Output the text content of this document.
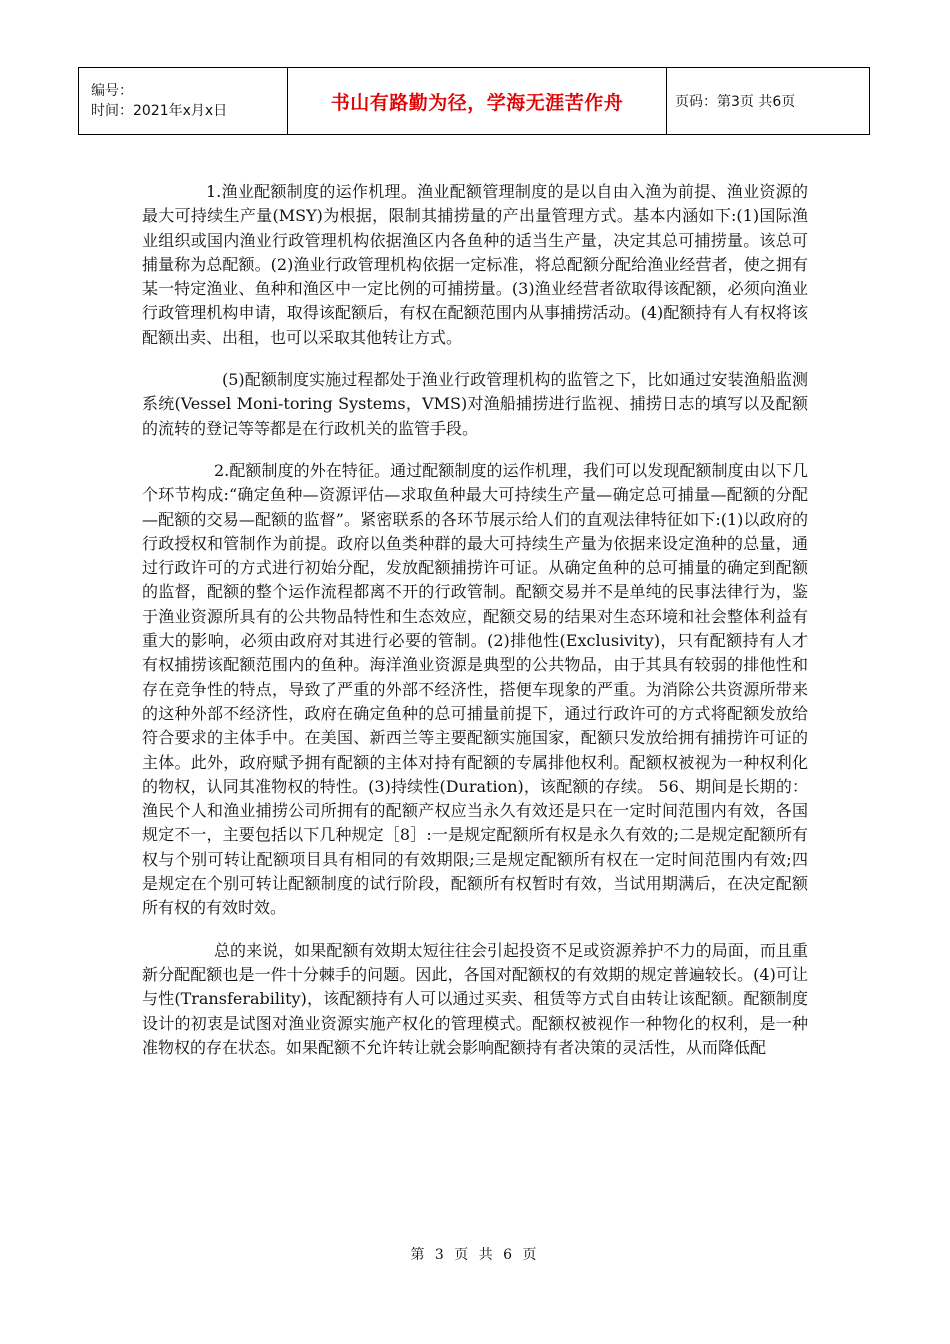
编号：
时间：2021年x月x日	书山有路勤为径，学海无涯苦作舟	页码：第3页 共6页

1.渔业配额制度的运作机理。渔业配额管理制度的是以自由入渔为前提、渔业资源的最大可持续生产量(MSY)为根据，限制其捕捞量的产出量管理方式。基本内涵如下:(1)国际渔业组织或国内渔业行政管理机构依据渔区内各鱼种的适当生产量，决定其总可捕捞量。该总可捕量称为总配额。(2)渔业行政管理机构依据一定标准，将总配额分配给渔业经营者，使之拥有某一特定渔业、鱼种和渔区中一定比例的可捕捞量。(3)渔业经营者欲取得该配额，必须向渔业行政管理机构申请，取得该配额后，有权在配额范围内从事捕捞活动。(4)配额持有人有权将该配额出卖、出租，也可以采取其他转让方式。

(5)配额制度实施过程都处于渔业行政管理机构的监管之下，比如通过安装渔船监测系统(Vessel Moni-toring Systems，VMS)对渔船捕捞进行监视、捕捞日志的填写以及配额的流转的登记等等都是在行政机关的监管手段。

2.配额制度的外在特征。通过配额制度的运作机理，我们可以发现配额制度由以下几个环节构成:“确定鱼种—资源评估—求取鱼种最大可持续生产量—确定总可捕量—配额的分配—配额的交易—配额的监督”。紧密联系的各环节展示给人们的直观法律特征如下:(1)以政府的行政授权和管制作为前提。政府以鱼类种群的最大可持续生产量为依据来设定渔种的总量，通过行政许可的方式进行初始分配，发放配额捕捞许可证。从确定鱼种的总可捕量的确定到配额的监督，配额的整个运作流程都离不开的行政管制。配额交易并不是单纯的民事法律行为，鉴于渔业资源所具有的公共物品特性和生态效应，配额交易的结果对生态环境和社会整体利益有重大的影响，必须由政府对其进行必要的管制。(2)排他性(Exclusivity)，只有配额持有人才有权捕捞该配额范围内的鱼种。海洋渔业资源是典型的公共物品，由于其具有较弱的排他性和存在竞争性的特点，导致了严重的外部不经济性，搭便车现象的严重。为消除公共资源所带来的这种外部不经济性，政府在确定鱼种的总可捕量前提下，通过行政许可的方式将配额发放给符合要求的主体手中。在美国、新西兰等主要配额实施国家，配额只发放给拥有捕捞许可证的主体。此外，政府赋予拥有配额的主体对持有配额的专属排他权利。配额权被视为一种权利化的物权，认同其准物权的特性。(3)持续性(Duration)，该配额的存续。 56、期间是长期的：渔民个人和渔业捕捞公司所拥有的配额产权应当永久有效还是只在一定时间范围内有效，各国规定不一，主要包括以下几种规定［8］:一是规定配额所有权是永久有效的;二是规定配额所有权与个别可转让配额项目具有相同的有效期限;三是规定配额所有权在一定时间范围内有效;四是规定在个别可转让配额制度的试行阶段，配额所有权暂时有效，当试用期满后，在决定配额所有权的有效时效。

总的来说，如果配额有效期太短往往会引起投资不足或资源养护不力的局面，而且重新分配配额也是一件十分棘手的问题。因此，各国对配额权的有效期的规定普遍较长。(4)可让与性(Transferability)，该配额持有人可以通过买卖、租赁等方式自由转让该配额。配额制度设计的初衷是试图对渔业资源实施产权化的管理模式。配额权被视作一种物化的权利，是一种准物权的存在状态。如果配额不允许转让就会影响配额持有者决策的灵活性，从而降低配

第 3 页 共 6 页
